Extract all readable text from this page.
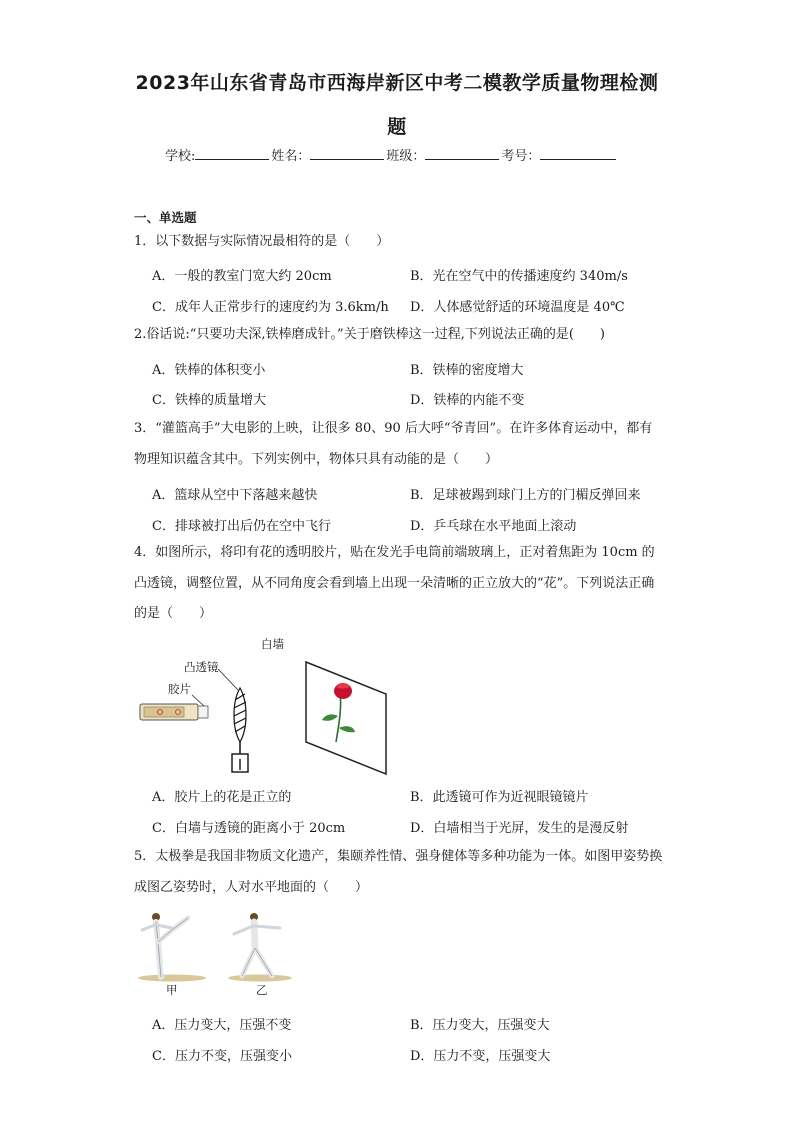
2023年山东省青岛市西海岸新区中考二模教学质量物理检测
题
学校:	姓名：	班级：	考号：
一、单选题
1．以下数据与实际情况最相符的是（　　）
A．一般的教室门宽大约 20cm	B．光在空气中的传播速度约 340m/s
C．成年人正常步行的速度约为 3.6km/h D．人体感觉舒适的环境温度是 40℃
2.俗话说:“只要功夫深,铁棒磨成针。”关于磨铁棒这一过程,下列说法正确的是(　　)
A．铁棒的体积变小	B．铁棒的密度增大
C．铁棒的质量增大	D．铁棒的内能不变
3．“灌篮高手”大电影的上映，让很多 80、90 后大呼“爷青回”。在许多体育运动中，都有物理知识蕴含其中。下列实例中，物体只具有动能的是（　　）
A．篮球从空中下落越来越快	B．足球被踢到球门上方的门楣反弹回来
C．排球被打出后仍在空中飞行	D．乒乓球在水平地面上滚动
4．如图所示，将印有花的透明胶片，贴在发光手电筒前端玻璃上，正对着焦距为 10cm 的凸透镜，调整位置，从不同角度会看到墙上出现一朵清晰的正立放大的“花”。下列说法正确的是（　　）
白墙
凸透镜
胶片
A．胶片上的花是正立的	B．此透镜可作为近视眼镜镜片
C．白墙与透镜的距离小于 20cm	D．白墙相当于光屏，发生的是漫反射
5．太极拳是我国非物质文化遗产，集颐养性情、强身健体等多种功能为一体。如图甲姿势换成图乙姿势时，人对水平地面的（　　）
甲	乙
A．压力变大，压强不变	B．压力变大，压强变大
C．压力不变，压强变小	D．压力不变，压强变大
